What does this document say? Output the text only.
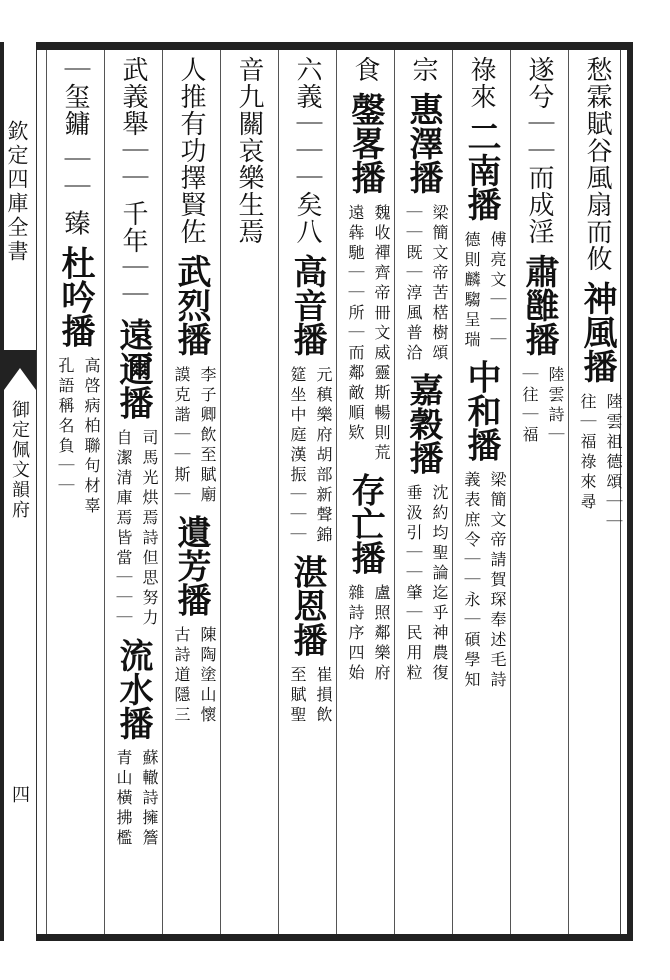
欽定四庫全書
御定佩文韻府
四
愁霖賦谷風扇而攸 神風播 陸雲祖德頌｜｜
往｜福祿來尋
遂兮｜｜而成淫 肅雝播 陸雲詩｜
｜往｜福
祿來 二南播 傅亮文｜｜｜
德則麟騶呈瑞 中和播 梁簡文帝請賀琛奉述毛詩
義表庶令｜｜永｜碩學知
宗 惠澤播 梁簡文帝苦楛樹頌
｜｜既｜淳風普洽 嘉穀播 沈約均聖論迄乎神農復
垂汲引｜｜肇｜民用粒
食 鏧畧播 魏收禪齊帝冊文威靈斯暢則荒
遠犇馳｜｜所｜而鄰敵順欵 存亡播 盧照鄰樂府
雜詩序四始
六義｜｜｜矣八 高音播 元稹樂府胡部新聲錦
筵坐中庭漢振｜｜｜ 湛恩播 崔損飲
至賦聖
音九關哀樂生焉
人推有功擇賢佐 武烈播 李子卿飲至賦廟
謨克諧｜｜斯｜ 遺芳播 陳陶塗山懷
古詩道隱三
武義舉｜｜ 千年｜｜ 遠邇播 司馬光烘焉詩但思努力
自潔清庫焉皆當｜｜｜ 流水播 蘇轍詩擁簷
青山橫拂檻
｜玺鏞 ｜｜ 臻 杜吟播 高啓病柏聯句材辜
孔語稱名負｜｜
